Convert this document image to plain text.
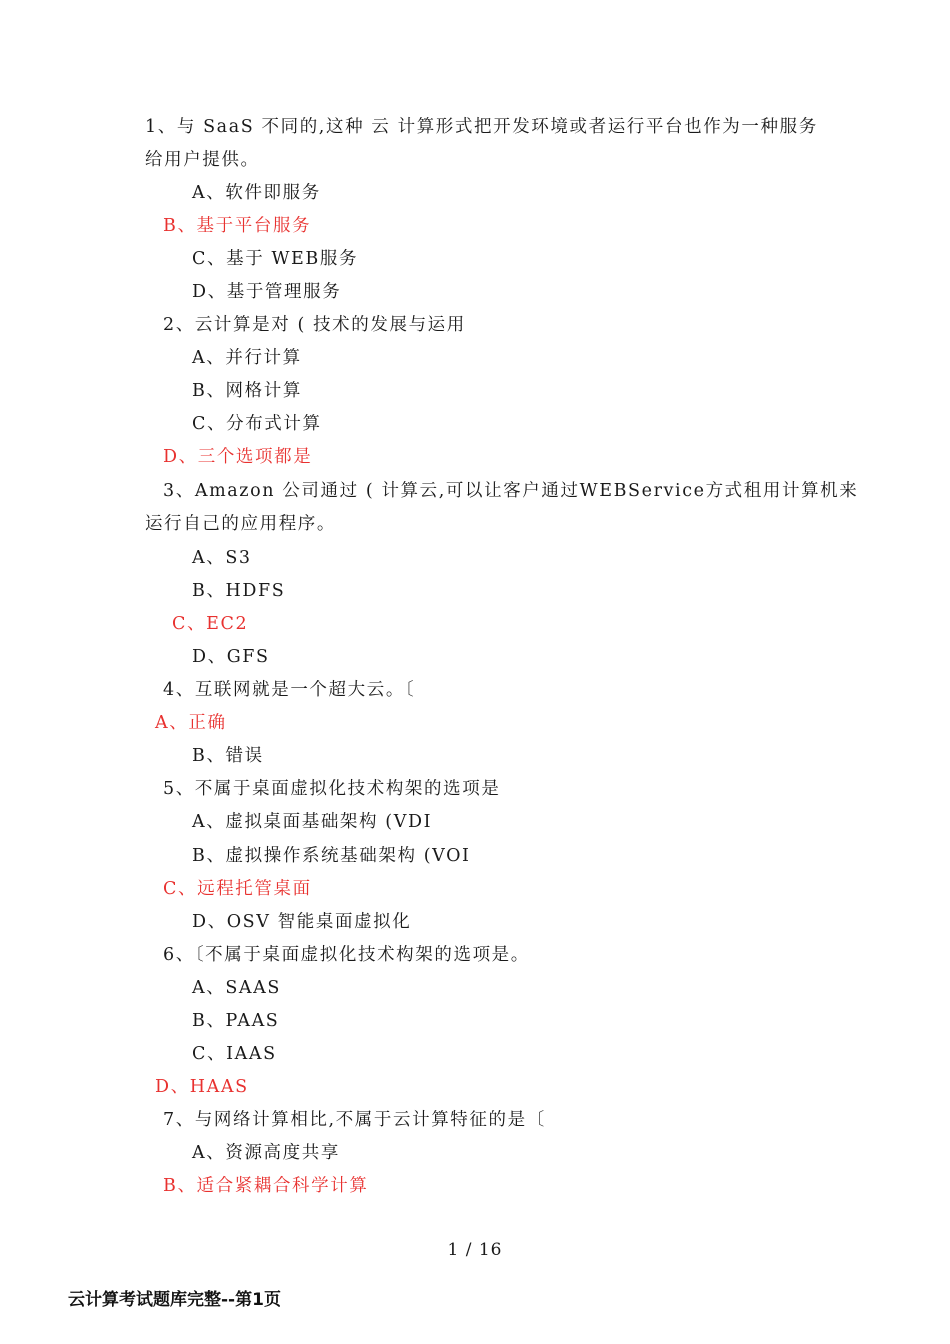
1、与 SaaS 不同的,这种 云 计算形式把开发环境或者运行平台也作为一种服务
给用户提供。
A、软件即服务
B、基于平台服务
C、基于 WEB服务
D、基于管理服务
2、云计算是对 ( 技术的发展与运用
A、并行计算
B、网格计算
C、分布式计算
D、三个选项都是
3、Amazon 公司通过 ( 计算云,可以让客户通过WEBService方式租用计算机来
运行自己的应用程序。
A、S3
B、HDFS
C、EC2
D、GFS
4、互联网就是一个超大云。〔
A、正确
B、错误
5、不属于桌面虚拟化技术构架的选项是
A、虚拟桌面基础架构 (VDI
B、虚拟操作系统基础架构 (VOI
C、远程托管桌面
D、OSV 智能桌面虚拟化
6、〔不属于桌面虚拟化技术构架的选项是。
A、SAAS
B、PAAS
C、IAAS
D、HAAS
7、与网络计算相比,不属于云计算特征的是〔
A、资源高度共享
B、适合紧耦合科学计算
1 / 16
云计算考试题库完整--第1页
